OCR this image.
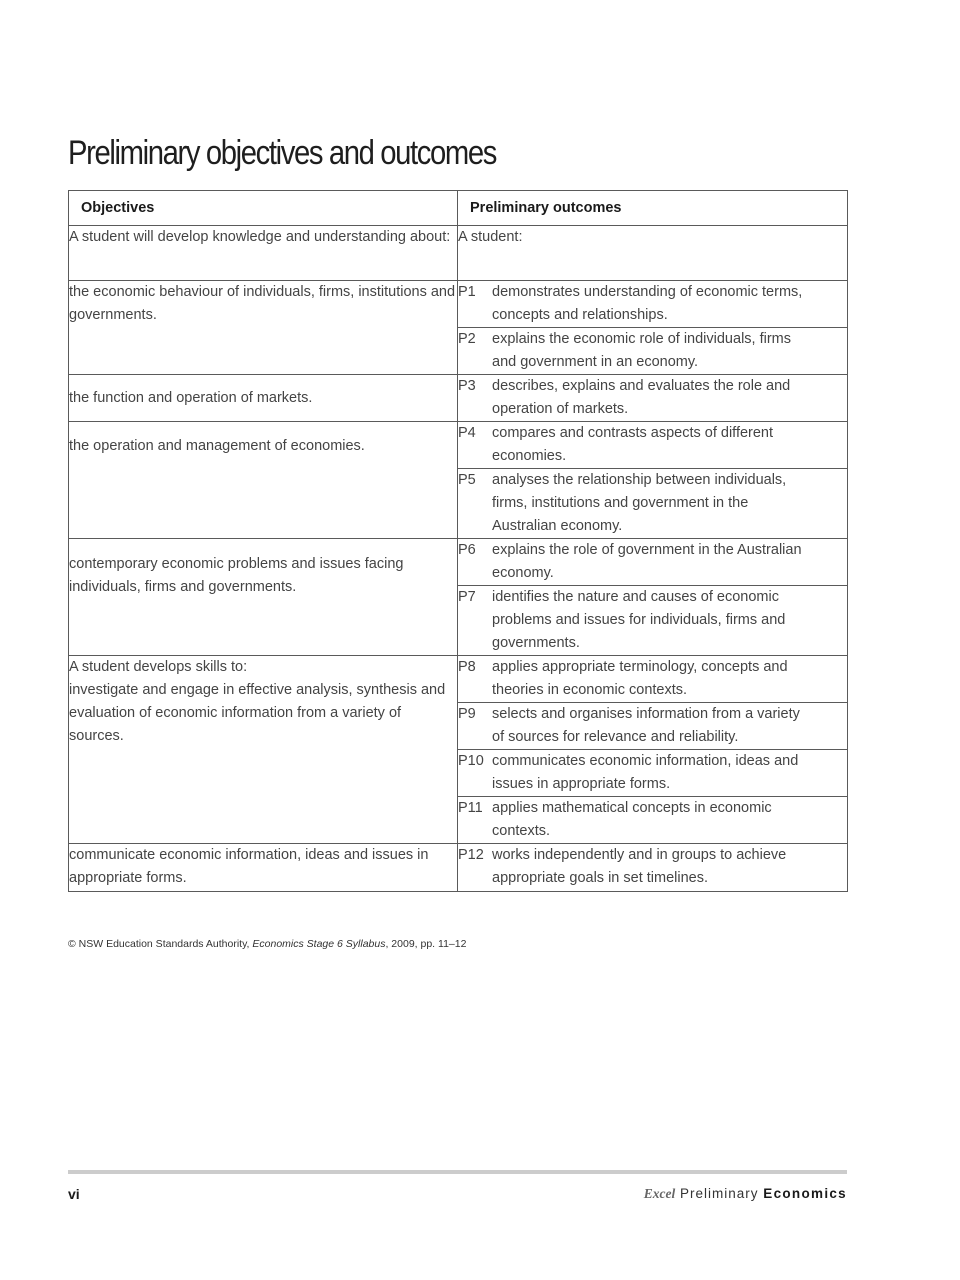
Preliminary objectives and outcomes
Objectives	Preliminary outcomes
A student will develop knowledge and understanding about:	A student:
the economic behaviour of individuals, firms, institutions and governments.	P1 demonstrates understanding of economic terms, concepts and relationships.
	P2 explains the economic role of individuals, firms and government in an economy.
the function and operation of markets.	P3 describes, explains and evaluates the role and operation of markets.
the operation and management of economies.	P4 compares and contrasts aspects of different economies.
	P5 analyses the relationship between individuals, firms, institutions and government in the Australian economy.
contemporary economic problems and issues facing individuals, firms and governments.	P6 explains the role of government in the Australian economy.
	P7 identifies the nature and causes of economic problems and issues for individuals, firms and governments.

A student develops skills to:
investigate and engage in effective analysis, synthesis and evaluation of economic information from a variety of sources.	P8 applies appropriate terminology, concepts and theories in economic contexts.
	P9 selects and organises information from a variety of sources for relevance and reliability.
	P10 communicates economic information, ideas and issues in appropriate forms.
	P11 applies mathematical concepts in economic contexts.
communicate economic information, ideas and issues in appropriate forms.	P12 works independently and in groups to achieve appropriate goals in set timelines.
© NSW Education Standards Authority, Economics Stage 6 Syllabus, 2009, pp. 11–12
vi	Excel Preliminary Economics
